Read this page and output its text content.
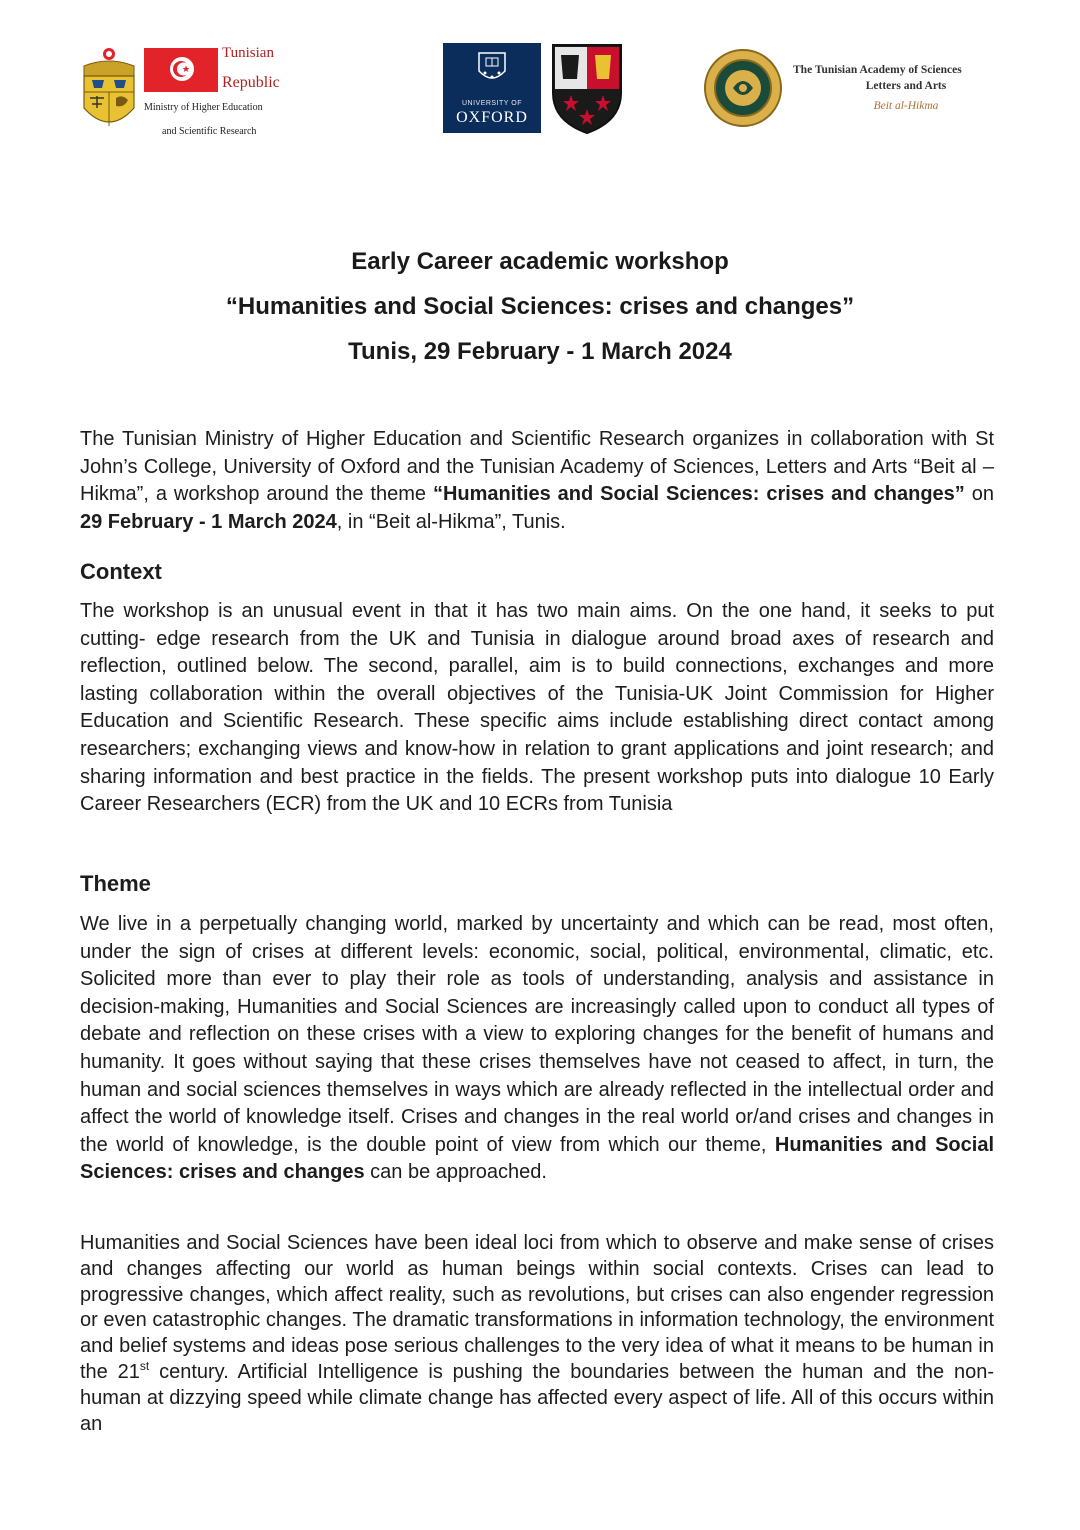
Tunisian
Republic
Ministry of Higher Education
and Scientific Research
UNIVERSITY OF
OXFORD
The Tunisian Academy of Sciences
Letters and Arts
Beit al-Hikma
Early Career academic workshop
“Humanities and Social Sciences: crises and changes”
Tunis, 29 February - 1 March 2024
The Tunisian Ministry of Higher Education and Scientific Research organizes in collaboration with St John’s College, University of Oxford and the Tunisian Academy of Sciences, Letters and Arts “Beit al –Hikma”, a workshop around the theme “Humanities and Social Sciences: crises and changes” on 29 February - 1 March 2024, in “Beit al-Hikma”, Tunis.
Context
The workshop is an unusual event in that it has two main aims. On the one hand, it seeks to put cutting- edge research from the UK and Tunisia in dialogue around broad axes of research and reflection, outlined below. The second, parallel, aim is to build connections, exchanges and more lasting collaboration within the overall objectives of the Tunisia-UK Joint Commission for Higher Education and Scientific Research. These specific aims include establishing direct contact among researchers; exchanging views and know-how in relation to grant applications and joint research; and sharing information and best practice in the fields. The present workshop puts into dialogue 10 Early Career Researchers (ECR) from the UK and 10 ECRs from Tunisia
Theme
We live in a perpetually changing world, marked by uncertainty and which can be read, most often, under the sign of crises at different levels: economic, social, political, environmental, climatic, etc. Solicited more than ever to play their role as tools of understanding, analysis and assistance in decision-making, Humanities and Social Sciences are increasingly called upon to conduct all types of debate and reflection on these crises with a view to exploring changes for the benefit of humans and humanity. It goes without saying that these crises themselves have not ceased to affect, in turn, the human and social sciences themselves in ways which are already reflected in the intellectual order and affect the world of knowledge itself. Crises and changes in the real world or/and crises and changes in the world of knowledge, is the double point of view from which our theme, Humanities and Social Sciences: crises and changes can be approached.
Humanities and Social Sciences have been ideal loci from which to observe and make sense of crises and changes affecting our world as human beings within social contexts. Crises can lead to progressive changes, which affect reality, such as revolutions, but crises can also engender regression or even catastrophic changes. The dramatic transformations in information technology, the environment and belief systems and ideas pose serious challenges to the very idea of what it means to be human in the 21st century. Artificial Intelligence is pushing the boundaries between the human and the non-human at dizzying speed while climate change has affected every aspect of life. All of this occurs within an
